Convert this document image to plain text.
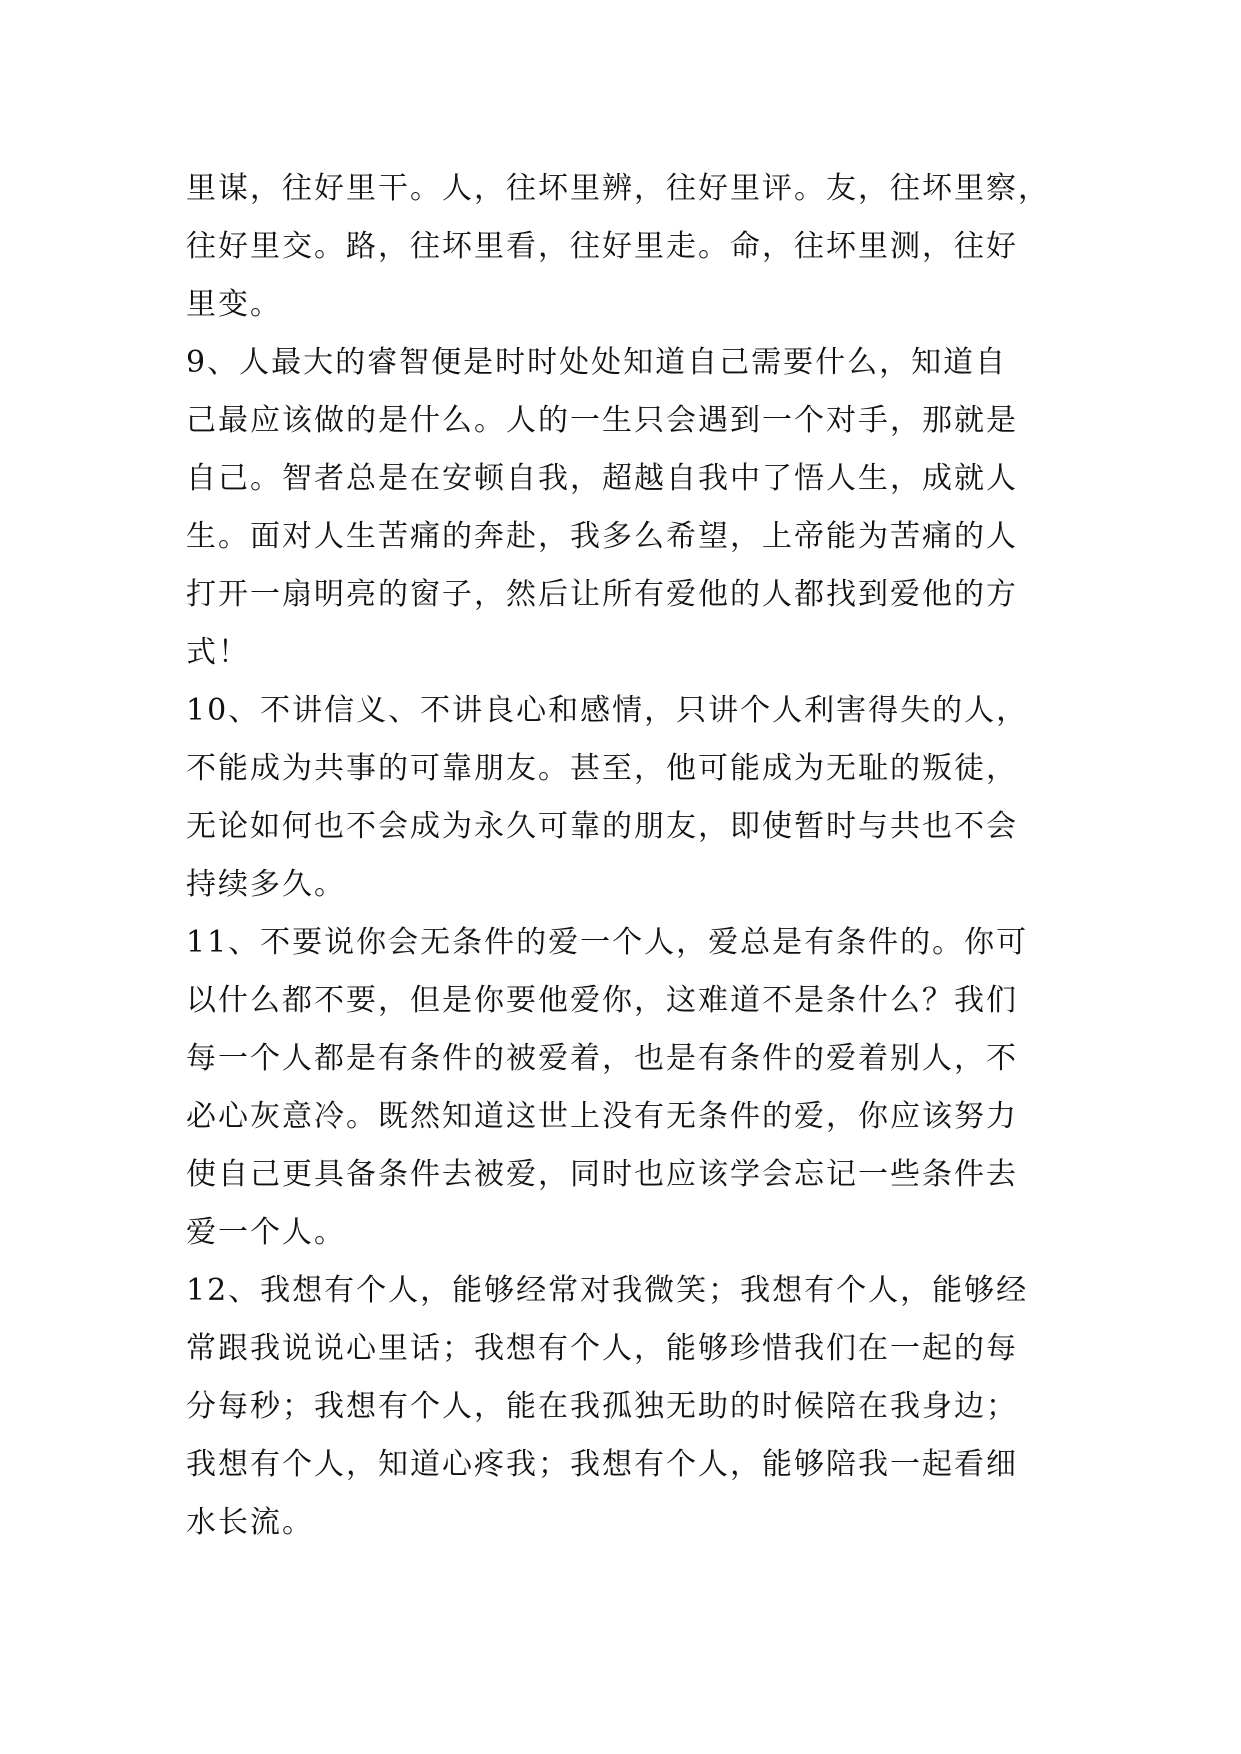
里谋，往好里干。人，往坏里辨，往好里评。友，往坏里察，
往好里交。路，往坏里看，往好里走。命，往坏里测，往好
里变。
9、人最大的睿智便是时时处处知道自己需要什么，知道自
己最应该做的是什么。人的一生只会遇到一个对手，那就是
自己。智者总是在安顿自我，超越自我中了悟人生，成就人
生。面对人生苦痛的奔赴，我多么希望，上帝能为苦痛的人
打开一扇明亮的窗子，然后让所有爱他的人都找到爱他的方
式！
10、不讲信义、不讲良心和感情，只讲个人利害得失的人，
不能成为共事的可靠朋友。甚至，他可能成为无耻的叛徒，
无论如何也不会成为永久可靠的朋友，即使暂时与共也不会
持续多久。
11、不要说你会无条件的爱一个人，爱总是有条件的。你可
以什么都不要，但是你要他爱你，这难道不是条什么？我们
每一个人都是有条件的被爱着，也是有条件的爱着别人，不
必心灰意冷。既然知道这世上没有无条件的爱，你应该努力
使自己更具备条件去被爱，同时也应该学会忘记一些条件去
爱一个人。
12、我想有个人，能够经常对我微笑；我想有个人，能够经
常跟我说说心里话；我想有个人，能够珍惜我们在一起的每
分每秒；我想有个人，能在我孤独无助的时候陪在我身边；
我想有个人，知道心疼我；我想有个人，能够陪我一起看细
水长流。
